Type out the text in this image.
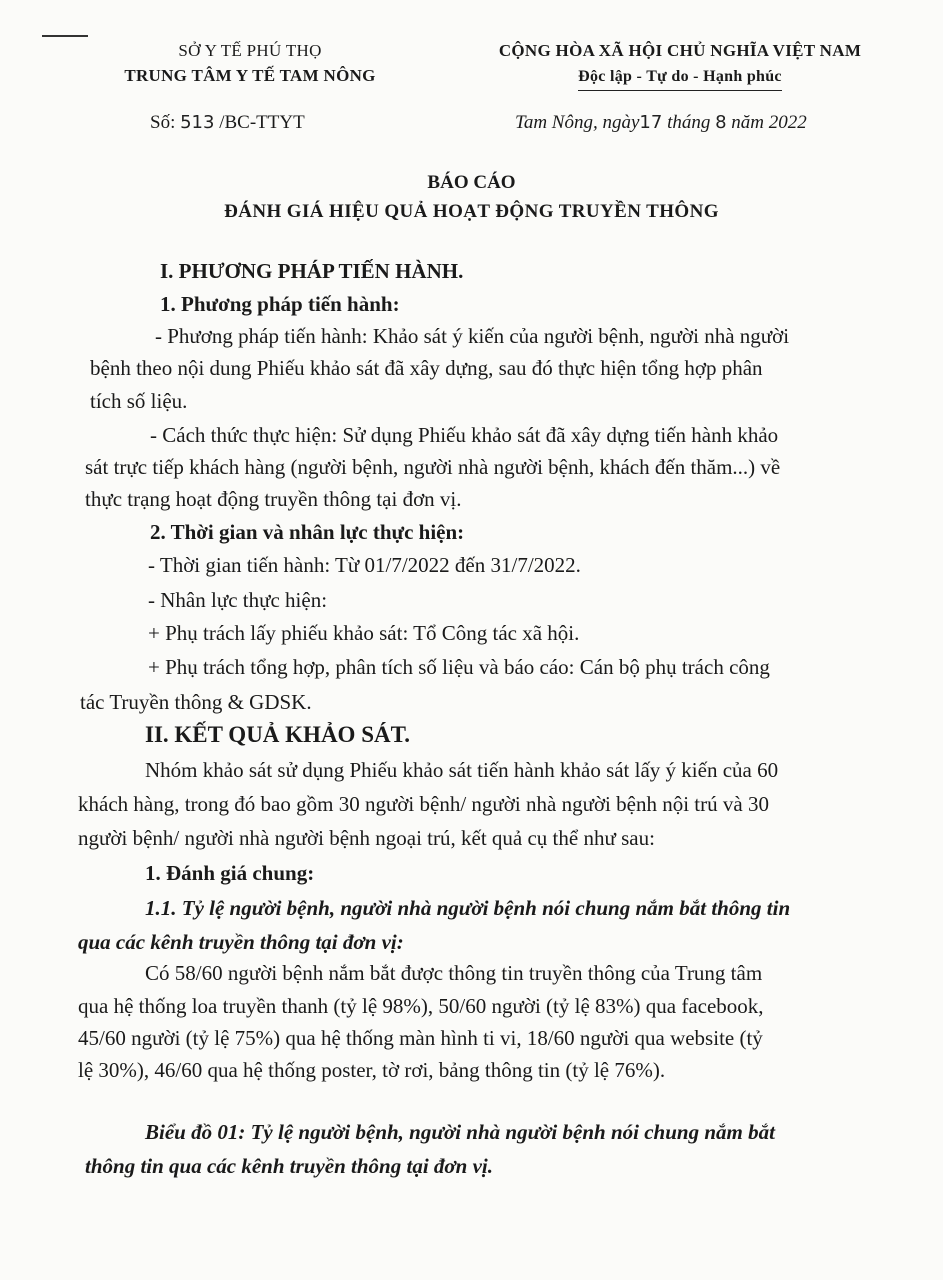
SỞ Y TẾ PHÚ THỌ
TRUNG TÂM Y TẾ TAM NÔNG
CỘNG HÒA XÃ HỘI CHỦ NGHĨA VIỆT NAM
Độc lập - Tự do - Hạnh phúc
Số: 513 /BC-TTYT	Tam Nông, ngày17 tháng 8 năm 2022
BÁO CÁO
ĐÁNH GIÁ HIỆU QUẢ HOẠT ĐỘNG TRUYỀN THÔNG
I. PHƯƠNG PHÁP TIẾN HÀNH.
1. Phương pháp tiến hành:
- Phương pháp tiến hành: Khảo sát ý kiến của người bệnh, người nhà người
bệnh theo nội dung Phiếu khảo sát đã xây dựng, sau đó thực hiện tổng hợp phân
tích số liệu.
- Cách thức thực hiện: Sử dụng Phiếu khảo sát đã xây dựng tiến hành khảo
sát trực tiếp khách hàng (người bệnh, người nhà người bệnh, khách đến thăm...) về
thực trạng hoạt động truyền thông tại đơn vị.
2. Thời gian và nhân lực thực hiện:
- Thời gian tiến hành: Từ 01/7/2022 đến 31/7/2022.
- Nhân lực thực hiện:
+ Phụ trách lấy phiếu khảo sát: Tổ Công tác xã hội.
+ Phụ trách tổng hợp, phân tích số liệu và báo cáo: Cán bộ phụ trách công
tác Truyền thông & GDSK.
II. KẾT QUẢ KHẢO SÁT.
Nhóm khảo sát sử dụng Phiếu khảo sát tiến hành khảo sát lấy ý kiến của 60
khách hàng, trong đó bao gồm 30 người bệnh/ người nhà người bệnh nội trú và 30
người bệnh/ người nhà người bệnh ngoại trú, kết quả cụ thể như sau:
1. Đánh giá chung:
1.1. Tỷ lệ người bệnh, người nhà người bệnh nói chung nắm bắt thông tin
qua các kênh truyền thông tại đơn vị:
Có 58/60 người bệnh nắm bắt được thông tin truyền thông của Trung tâm
qua hệ thống loa truyền thanh (tỷ lệ 98%), 50/60 người (tỷ lệ 83%) qua facebook,
45/60 người (tỷ lệ 75%) qua hệ thống màn hình ti vi, 18/60 người qua website (tỷ
lệ 30%), 46/60 qua hệ thống poster, tờ rơi, bảng thông tin (tỷ lệ 76%).
Biểu đồ 01: Tỷ lệ người bệnh, người nhà người bệnh nói chung nắm bắt
thông tin qua các kênh truyền thông tại đơn vị.
